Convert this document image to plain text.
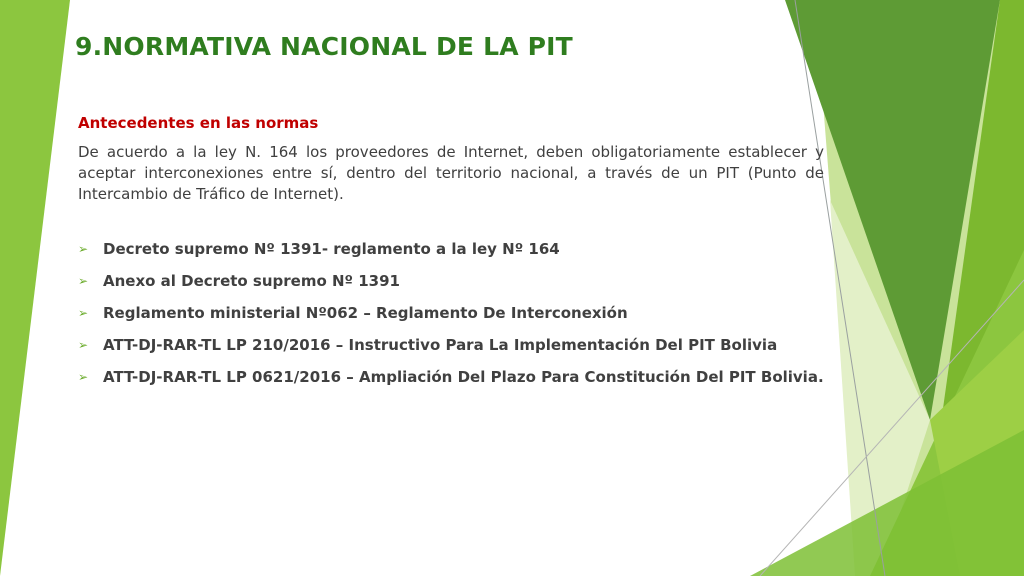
9.NORMATIVA NACIONAL DE LA PIT

Antecedentes en las normas

De acuerdo a la ley N. 164 los proveedores de Internet, deben obligatoriamente establecer y aceptar interconexiones entre sí, dentro del territorio nacional, a través de un PIT (Punto de Intercambio de Tráfico de Internet).

➢ Decreto supremo Nº 1391- reglamento a la ley Nº 164
➢ Anexo al Decreto supremo Nº 1391
➢ Reglamento ministerial Nº062 – Reglamento De Interconexión
➢ ATT-DJ-RAR-TL LP 210/2016 – Instructivo Para La Implementación Del PIT Bolivia
➢ ATT-DJ-RAR-TL LP 0621/2016 – Ampliación Del Plazo Para Constitución Del PIT Bolivia.
